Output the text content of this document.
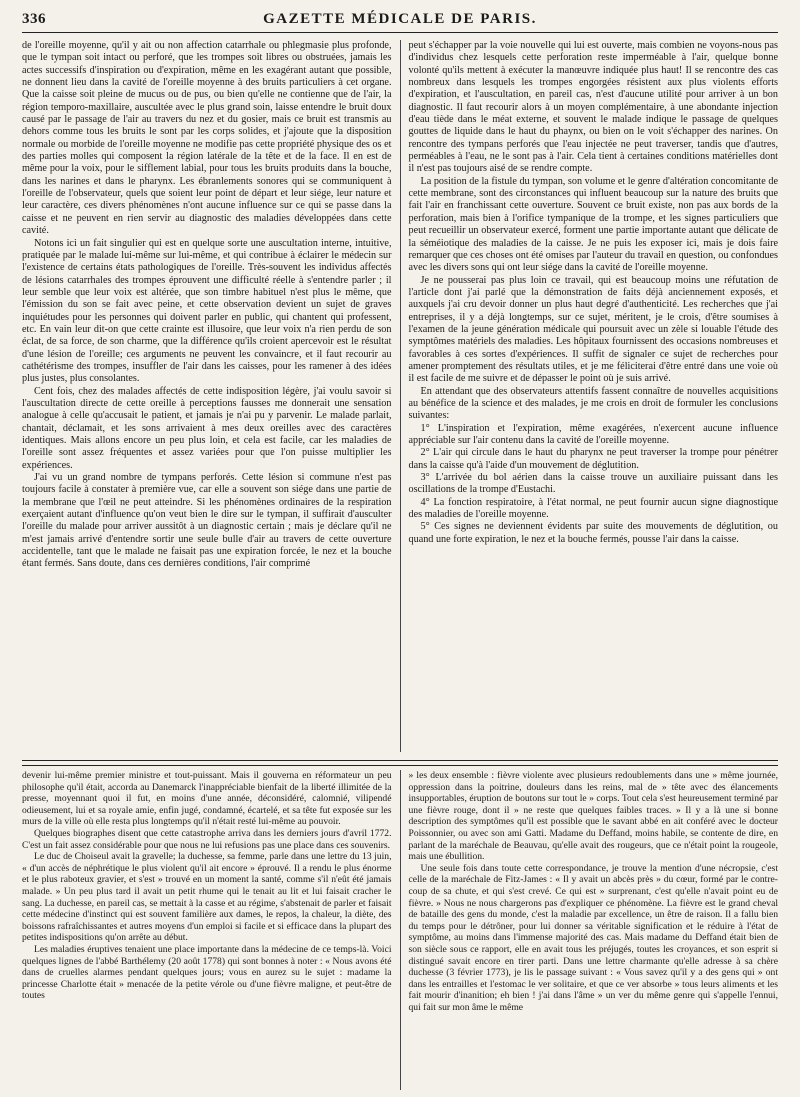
336	GAZETTE MÉDICALE DE PARIS.

de l'oreille moyenne, qu'il y ait ou non affection catarrhale ou phlegmasie plus profonde, que le tympan soit intact ou perforé, que les trompes soit libres ou obstruées, jamais les actes successifs d'inspiration ou d'expiration, même en les exagérant autant que possible, ne donnent lieu dans la cavité de l'oreille moyenne à des bruits particuliers à cet organe. Que la caisse soit pleine de mucus ou de pus, ou bien qu'elle ne contienne que de l'air, la région temporo-maxillaire, auscultée avec le plus grand soin, laisse entendre le bruit doux causé par le passage de l'air au travers du nez et du gosier, mais ce bruit est transmis au dehors comme tous les bruits le sont par les corps solides, et j'ajoute que la disposition normale ou morbide de l'oreille moyenne ne modifie pas cette propriété physique des os et des parties molles qui composent la région latérale de la tête et de la face. Il en est de même pour la voix, pour le sifflement labial, pour tous les bruits produits dans la bouche, dans les narines et dans le pharynx. Les ébranlements sonores qui se communiquent à l'oreille de l'observateur, quels que soient leur point de départ et leur siége, leur nature et leur caractère, ces divers phénomènes n'ont aucune influence sur ce qui se passe dans la caisse et ne peuvent en rien servir au diagnostic des maladies développées dans cette cavité.

Notons ici un fait singulier qui est en quelque sorte une auscultation interne, intuitive, pratiquée par le malade lui-même sur lui-même, et qui contribue à éclairer le médecin sur l'existence de certains états pathologiques de l'oreille. Très-souvent les individus affectés de lésions catarrhales des trompes éprouvent une difficulté réelle à s'entendre parler ; il leur semble que leur voix est altérée, que son timbre habituel n'est plus le même, que l'émission du son se fait avec peine, et cette observation devient un sujet de graves inquiétudes pour les personnes qui doivent parler en public, qui chantent qui professent, etc. En vain leur dit-on que cette crainte est illusoire, que leur voix n'a rien perdu de son éclat, de sa force, de son charme, que la différence qu'ils croient apercevoir est le résultat d'une lésion de l'oreille; ces arguments ne peuvent les convaincre, et il faut recourir au cathétérisme des trompes, insuffler de l'air dans les caisses, pour les ramener à des idées plus justes, plus consolantes.

Cent fois, chez des malades affectés de cette indisposition légère, j'ai voulu savoir si l'auscultation directe de cette oreille à perceptions fausses me donnerait une sensation analogue à celle qu'accusait le patient, et jamais je n'ai pu y parvenir. Le malade parlait, chantait, déclamait, et les sons arrivaient à mes deux oreilles avec des caractères identiques. Mais allons encore un peu plus loin, et cela est facile, car les maladies de l'oreille sont assez fréquentes et assez variées pour que l'on puisse multiplier les expériences.

J'ai vu un grand nombre de tympans perforés. Cette lésion si commune n'est pas toujours facile à constater à première vue, car elle a souvent son siége dans une partie de la membrane que l'œil ne peut atteindre. Si les phénomènes ordinaires de la respiration exerçaient autant d'influence qu'on veut bien le dire sur le tympan, il suffirait d'ausculter l'oreille du malade pour arriver aussitôt à un diagnostic certain ; mais je déclare qu'il ne m'est jamais arrivé d'entendre sortir une seule bulle d'air au travers de cette ouverture accidentelle, tant que le malade ne faisait pas une expiration forcée, le nez et la bouche étant fermés. Sans doute, dans ces dernières conditions, l'air comprimé

peut s'échapper par la voie nouvelle qui lui est ouverte, mais combien ne voyons-nous pas d'individus chez lesquels cette perforation reste imperméable à l'air, quelque bonne volonté qu'ils mettent à exécuter la manœuvre indiquée plus haut! Il se rencontre des cas nombreux dans lesquels les trompes engorgées résistent aux plus violents efforts d'expiration, et l'auscultation, en pareil cas, n'est d'aucune utilité pour arriver à un bon diagnostic. Il faut recourir alors à un moyen complémentaire, à une abondante injection d'eau tiède dans le méat externe, et souvent le malade indique le passage de quelques gouttes de liquide dans le haut du phaynx, ou bien on le voit s'échapper des narines. On rencontre des tympans perforés que l'eau injectée ne peut traverser, tandis que d'autres, perméables à l'eau, ne le sont pas à l'air. Cela tient à certaines conditions matérielles dont il n'est pas toujours aisé de se rendre compte.

La position de la fistule du tympan, son volume et le genre d'altération concomitante de cette membrane, sont des circonstances qui influent beaucoup sur la nature des bruits que fait l'air en franchissant cette ouverture. Souvent ce bruit existe, non pas aux bords de la perforation, mais bien à l'orifice tympanique de la trompe, et les signes particuliers que peut recueillir un observateur exercé, forment une partie importante autant que délicate de la séméiotique des maladies de la caisse. Je ne puis les exposer ici, mais je dois faire remarquer que ces choses ont été omises par l'auteur du travail en question, ou confondues avec les divers sons qui ont leur siége dans la cavité de l'oreille moyenne.

Je ne pousserai pas plus loin ce travail, qui est beaucoup moins une réfutation de l'article dont j'ai parlé que la démonstration de faits déjà anciennement exposés, et auxquels j'ai cru devoir donner un plus haut degré d'authenticité. Les recherches que j'ai entreprises, il y a déjà longtemps, sur ce sujet, méritent, je le crois, d'être soumises à l'examen de la jeune génération médicale qui poursuit avec un zèle si louable l'étude des symptômes matériels des maladies. Les hôpitaux fournissent des occasions nombreuses et favorables à ces sortes d'expériences. Il suffit de signaler ce sujet de recherches pour amener promptement des résultats utiles, et je me féliciterai d'être entré dans une voie où il est facile de me suivre et de dépasser le point où je suis arrivé.

En attendant que des observateurs attentifs fassent connaître de nouvelles acquisitions au bénéfice de la science et des malades, je me crois en droit de formuler les conclusions suivantes:

1° L'inspiration et l'expiration, même exagérées, n'exercent aucune influence appréciable sur l'air contenu dans la cavité de l'oreille moyenne.

2° L'air qui circule dans le haut du pharynx ne peut traverser la trompe pour pénétrer dans la caisse qu'à l'aide d'un mouvement de déglutition.

3° L'arrivée du bol aérien dans la caisse trouve un auxiliaire puissant dans les oscillations de la trompe d'Eustachi.

4° La fonction respiratoire, à l'état normal, ne peut fournir aucun signe diagnostique des maladies de l'oreille moyenne.

5° Ces signes ne deviennent évidents par suite des mouvements de déglutition, ou quand une forte expiration, le nez et la bouche fermés, pousse l'air dans la caisse.

devenir lui-même premier ministre et tout-puissant. Mais il gouverna en réformateur un peu philosophe qu'il était, accorda au Danemarck l'inappréciable bienfait de la liberté illimitée de la presse, moyennant quoi il fut, en moins d'une année, déconsidéré, calomnié, vilipendé odieusement, lui et sa royale amie, enfin jugé, condamné, écartelé, et sa tête fut exposée sur les murs de la ville où elle resta plus longtemps qu'il n'était resté lui-même au pouvoir.

Quelques biographes disent que cette catastrophe arriva dans les derniers jours d'avril 1772. C'est un fait assez considérable pour que nous ne lui refusions pas une place dans ces souvenirs.

Le duc de Choiseul avait la gravelle; la duchesse, sa femme, parle dans une lettre du 13 juin, « d'un accès de néphrétique le plus violent qu'il ait encore » éprouvé. Il a rendu le plus énorme et le plus raboteux gravier, et s'est » trouvé en un moment la santé, comme s'il n'eût été jamais malade. » Un peu plus tard il avait un petit rhume qui le tenait au lit et lui faisait cracher le sang. La duchesse, en pareil cas, se mettait à la casse et au régime, s'abstenait de parler et faisait cette médecine d'instinct qui est souvent familière aux dames, le repos, la chaleur, la diète, des boissons rafraîchissantes et autres moyens d'un emploi si facile et si efficace dans la plupart des petites indispositions qu'on arrête au début.

Les maladies éruptives tenaient une place importante dans la médecine de ce temps-là. Voici quelques lignes de l'abbé Barthélemy (20 août 1778) qui sont bonnes à noter : « Nous avons été dans de cruelles alarmes pendant quelques jours; vous en aurez su le sujet : madame la princesse Charlotte était » menacée de la petite vérole ou d'une fièvre maligne, et peut-être de toutes

» les deux ensemble : fièvre violente avec plusieurs redoublements dans une » même journée, oppression dans la poitrine, douleurs dans les reins, mal de » tête avec des élancements insupportables, éruption de boutons sur tout le » corps. Tout cela s'est heureusement terminé par une fièvre rouge, dont il » ne reste que quelques faibles traces. » Il y a là une si bonne description des symptômes qu'il est possible que le savant abbé en ait conféré avec le docteur Poissonnier, ou avec son ami Gatti. Madame du Deffand, moins habile, se contente de dire, en parlant de la maréchale de Beauvau, qu'elle avait des rougeurs, que ce n'était point la rougeole, mais une ébullition.

Une seule fois dans toute cette correspondance, je trouve la mention d'une nécropsie, c'est celle de la maréchale de Fitz-James : « Il y avait un abcès près » du cœur, formé par le contre-coup de sa chute, et qui s'est crevé. Ce qui est » surprenant, c'est qu'elle n'avait point eu de fièvre. » Nous ne nous chargerons pas d'expliquer ce phénomène. La fièvre est le grand cheval de bataille des gens du monde, c'est la maladie par excellence, un être de raison. Il a fallu bien du temps pour le détrôner, pour lui donner sa véritable signification et le réduire à l'état de symptôme, au moins dans l'immense majorité des cas. Mais madame du Deffand était bien de son siècle sous ce rapport, elle en avait tous les préjugés, toutes les croyances, et son esprit si distingué savait encore en tirer parti. Dans une lettre charmante qu'elle adresse à sa chère duchesse (3 février 1773), je lis le passage suivant : « Vous savez qu'il y a des gens qui » ont dans les entrailles et l'estomac le ver solitaire, et que ce ver absorbe » tous leurs aliments et les fait mourir d'inanition; eh bien ! j'ai dans l'âme » un ver du même genre qui s'appelle l'ennui, qui fait sur mon âme le même
